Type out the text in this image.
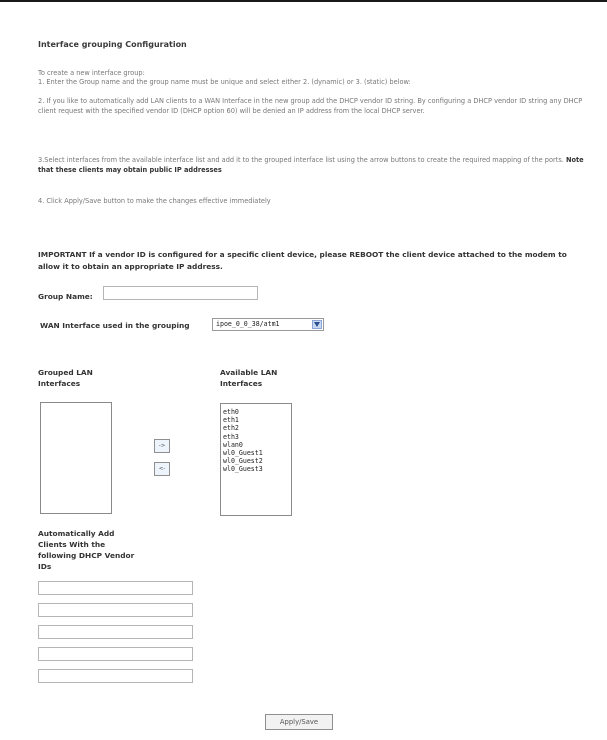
Interface grouping Configuration
To create a new interface group:
1. Enter the Group name and the group name must be unique and select either 2. (dynamic) or 3. (static) below:
2. If you like to automatically add LAN clients to a WAN Interface in the new group add the DHCP vendor ID string. By configuring a DHCP vendor ID string any DHCP client request with the specified vendor ID (DHCP option 60) will be denied an IP address from the local DHCP server.
3.Select interfaces from the available interface list and add it to the grouped interface list using the arrow buttons to create the required mapping of the ports. Note that these clients may obtain public IP addresses
4. Click Apply/Save button to make the changes effective immediately
IMPORTANT If a vendor ID is configured for a specific client device, please REBOOT the client device attached to the modem to allow it to obtain an appropriate IP address.
Group Name:
WAN Interface used in the grouping	ipoe_0_0_38/atm1
Grouped LAN
Interfaces
Available LAN
Interfaces
->
<-
eth0
eth1
eth2
eth3
wlan0
wl0_Guest1
wl0_Guest2
wl0_Guest3
Automatically Add
Clients With the
following DHCP Vendor
IDs
Apply/Save
